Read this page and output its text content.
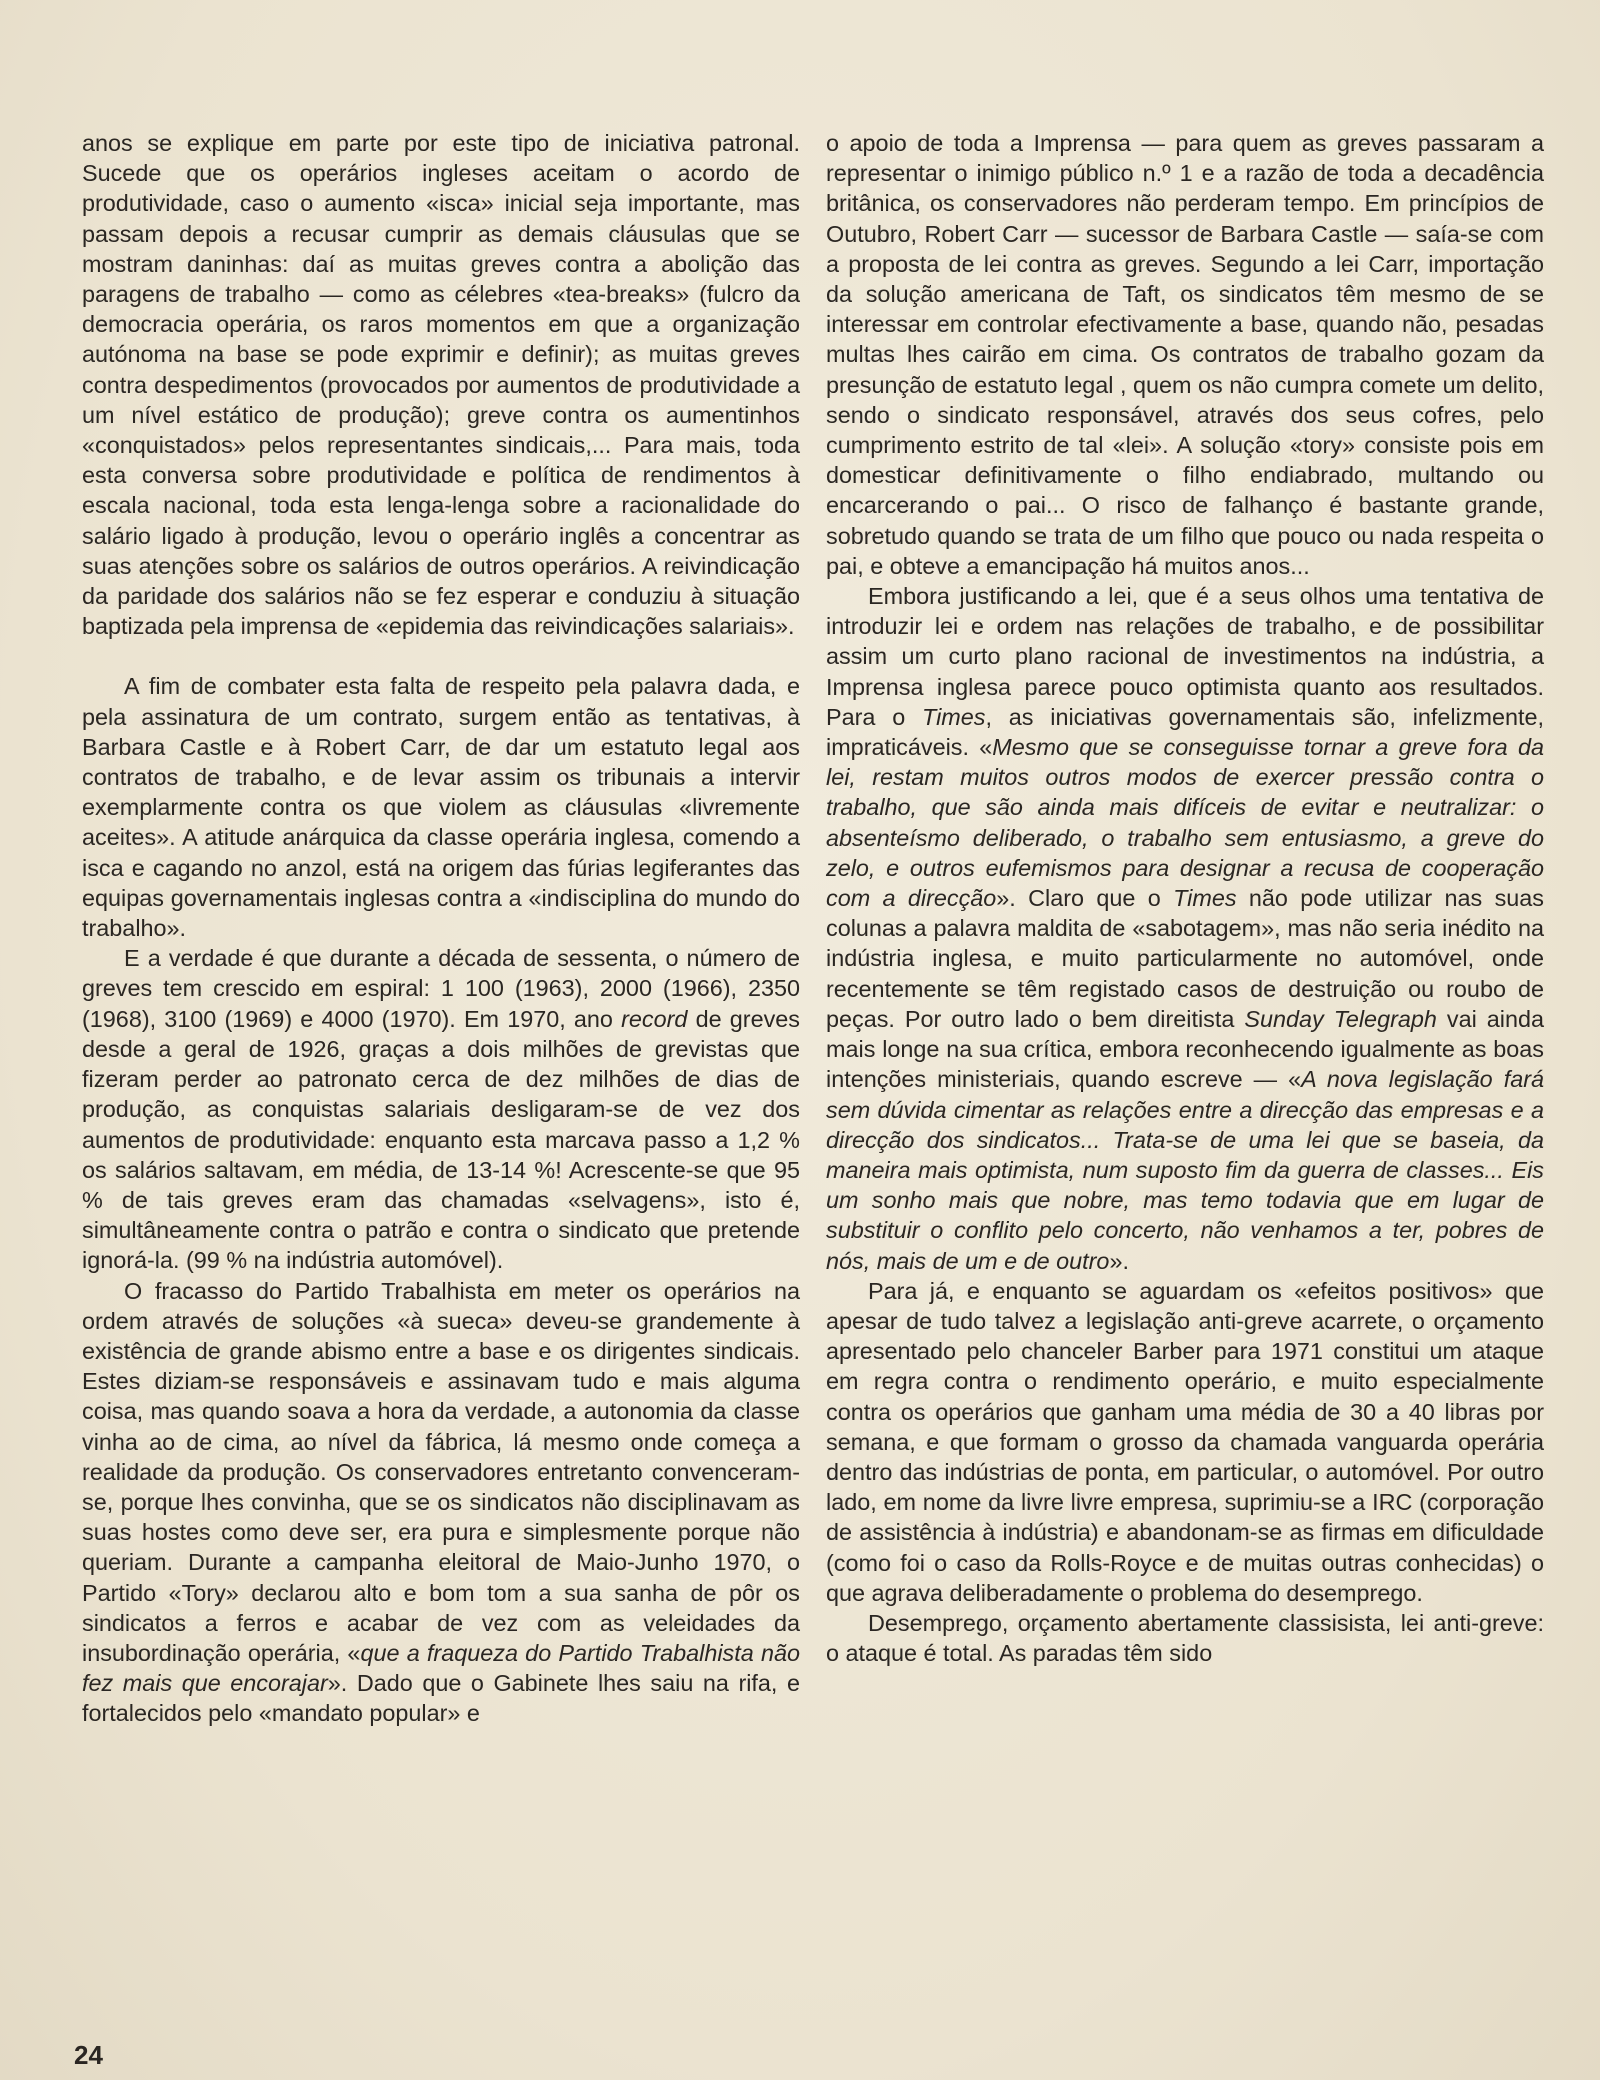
anos se explique em parte por este tipo de iniciativa patronal. Sucede que os operários ingleses aceitam o acordo de produtividade, caso o aumento «isca» inicial seja importante, mas passam depois a recusar cumprir as demais cláusulas que se mostram daninhas: daí as muitas greves contra a abolição das paragens de trabalho — como as célebres «tea-breaks» (fulcro da democracia operária, os raros momentos em que a organização autónoma na base se pode exprimir e definir); as muitas greves contra despedimentos (provocados por aumentos de produtividade a um nível estático de produção); greve contra os aumentinhos «conquistados» pelos representantes sindicais,... Para mais, toda esta conversa sobre produtividade e política de rendimentos à escala nacional, toda esta lenga-lenga sobre a racionalidade do salário ligado à produção, levou o operário inglês a concentrar as suas atenções sobre os salários de outros operários. A reivindicação da paridade dos salários não se fez esperar e conduziu à situação baptizada pela imprensa de «epidemia das reivindicações salariais».

A fim de combater esta falta de respeito pela palavra dada, e pela assinatura de um contrato, surgem então as tentativas, à Barbara Castle e à Robert Carr, de dar um estatuto legal aos contratos de trabalho, e de levar assim os tribunais a intervir exemplarmente contra os que violem as cláusulas «livremente aceites». A atitude anárquica da classe operária inglesa, comendo a isca e cagando no anzol, está na origem das fúrias legiferantes das equipas governamentais inglesas contra a «indisciplina do mundo do trabalho».

E a verdade é que durante a década de sessenta, o número de greves tem crescido em espiral: 1 100 (1963), 2000 (1966), 2350 (1968), 3100 (1969) e 4000 (1970). Em 1970, ano record de greves desde a geral de 1926, graças a dois milhões de grevistas que fizeram perder ao patronato cerca de dez milhões de dias de produção, as conquistas salariais desligaram-se de vez dos aumentos de produtividade: enquanto esta marcava passo a 1,2 % os salários saltavam, em média, de 13-14 %! Acrescente-se que 95 % de tais greves eram das chamadas «selvagens», isto é, simultâneamente contra o patrão e contra o sindicato que pretende ignorá-la. (99 % na indústria automóvel).

O fracasso do Partido Trabalhista em meter os operários na ordem através de soluções «à sueca» deveu-se grandemente à existência de grande abismo entre a base e os dirigentes sindicais. Estes diziam-se responsáveis e assinavam tudo e mais alguma coisa, mas quando soava a hora da verdade, a autonomia da classe vinha ao de cima, ao nível da fábrica, lá mesmo onde começa a realidade da produção. Os conservadores entretanto convenceram-se, porque lhes convinha, que se os sindicatos não disciplinavam as suas hostes como deve ser, era pura e simplesmente porque não queriam. Durante a campanha eleitoral de Maio-Junho 1970, o Partido «Tory» declarou alto e bom tom a sua sanha de pôr os sindicatos a ferros e acabar de vez com as veleidades da insubordinação operária, «que a fraqueza do Partido Trabalhista não fez mais que encorajar». Dado que o Gabinete lhes saiu na rifa, e fortalecidos pelo «mandato popular» e

o apoio de toda a Imprensa — para quem as greves passaram a representar o inimigo público n.º 1 e a razão de toda a decadência britânica, os conservadores não perderam tempo. Em princípios de Outubro, Robert Carr — sucessor de Barbara Castle — saía-se com a proposta de lei contra as greves. Segundo a lei Carr, importação da solução americana de Taft, os sindicatos têm mesmo de se interessar em controlar efectivamente a base, quando não, pesadas multas lhes cairão em cima. Os contratos de trabalho gozam da presunção de estatuto legal , quem os não cumpra comete um delito, sendo o sindicato responsável, através dos seus cofres, pelo cumprimento estrito de tal «lei». A solução «tory» consiste pois em domesticar definitivamente o filho endiabrado, multando ou encarcerando o pai... O risco de falhanço é bastante grande, sobretudo quando se trata de um filho que pouco ou nada respeita o pai, e obteve a emancipação há muitos anos...

Embora justificando a lei, que é a seus olhos uma tentativa de introduzir lei e ordem nas relações de trabalho, e de possibilitar assim um curto plano racional de investimentos na indústria, a Imprensa inglesa parece pouco optimista quanto aos resultados. Para o Times, as iniciativas governamentais são, infelizmente, impraticáveis. «Mesmo que se conseguisse tornar a greve fora da lei, restam muitos outros modos de exercer pressão contra o trabalho, que são ainda mais difíceis de evitar e neutralizar: o absenteísmo deliberado, o trabalho sem entusiasmo, a greve do zelo, e outros eufemismos para designar a recusa de cooperação com a direcção». Claro que o Times não pode utilizar nas suas colunas a palavra maldita de «sabotagem», mas não seria inédito na indústria inglesa, e muito particularmente no automóvel, onde recentemente se têm registado casos de destruição ou roubo de peças. Por outro lado o bem direitista Sunday Telegraph vai ainda mais longe na sua crítica, embora reconhecendo igualmente as boas intenções ministeriais, quando escreve — «A nova legislação fará sem dúvida cimentar as relações entre a direcção das empresas e a direcção dos sindicatos... Trata-se de uma lei que se baseia, da maneira mais optimista, num suposto fim da guerra de classes... Eis um sonho mais que nobre, mas temo todavia que em lugar de substituir o conflito pelo concerto, não venhamos a ter, pobres de nós, mais de um e de outro».

Para já, e enquanto se aguardam os «efeitos positivos» que apesar de tudo talvez a legislação anti-greve acarrete, o orçamento apresentado pelo chanceler Barber para 1971 constitui um ataque em regra contra o rendimento operário, e muito especialmente contra os operários que ganham uma média de 30 a 40 libras por semana, e que formam o grosso da chamada vanguarda operária dentro das indústrias de ponta, em particular, o automóvel. Por outro lado, em nome da livre livre empresa, suprimiu-se a IRC (corporação de assistência à indústria) e abandonam-se as firmas em dificuldade (como foi o caso da Rolls-Royce e de muitas outras conhecidas) o que agrava deliberadamente o problema do desemprego.

Desemprego, orçamento abertamente classisista, lei anti-greve: o ataque é total. As paradas têm sido

24
